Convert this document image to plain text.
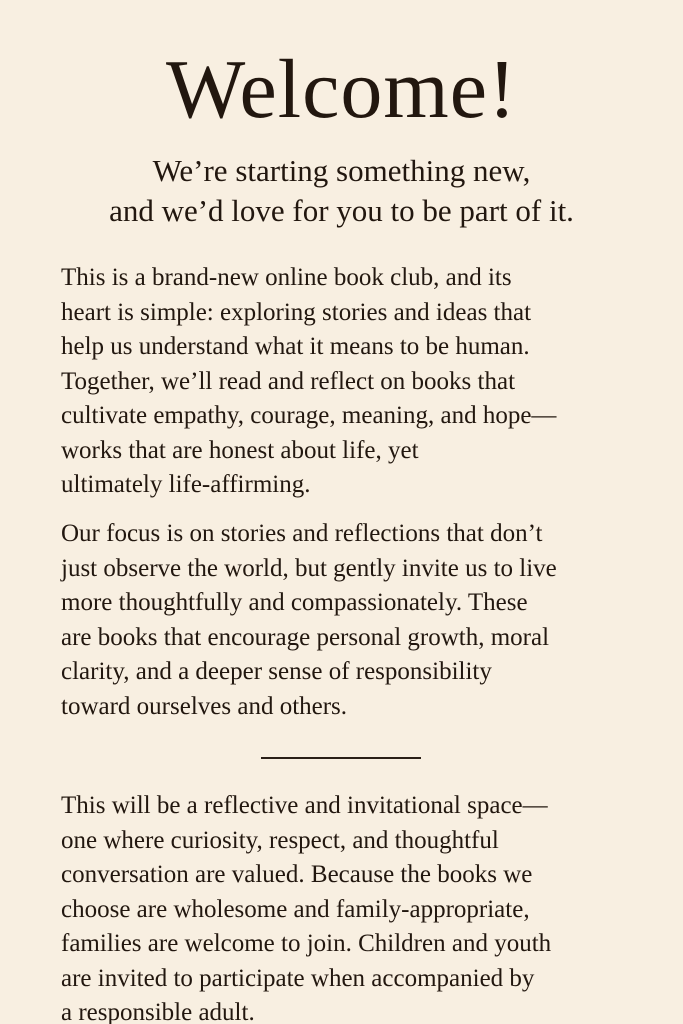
Welcome!
We’re starting something new,
and we’d love for you to be part of it.
This is a brand-new online book club, and its
heart is simple: exploring stories and ideas that
help us understand what it means to be human.
Together, we’ll read and reflect on books that
cultivate empathy, courage, meaning, and hope—
works that are honest about life, yet
ultimately life-affirming.
Our focus is on stories and reflections that don’t
just observe the world, but gently invite us to live
more thoughtfully and compassionately. These
are books that encourage personal growth, moral
clarity, and a deeper sense of responsibility
toward ourselves and others.
This will be a reflective and invitational space—
one where curiosity, respect, and thoughtful
conversation are valued. Because the books we
choose are wholesome and family-appropriate,
families are welcome to join. Children and youth
are invited to participate when accompanied by
a responsible adult.
